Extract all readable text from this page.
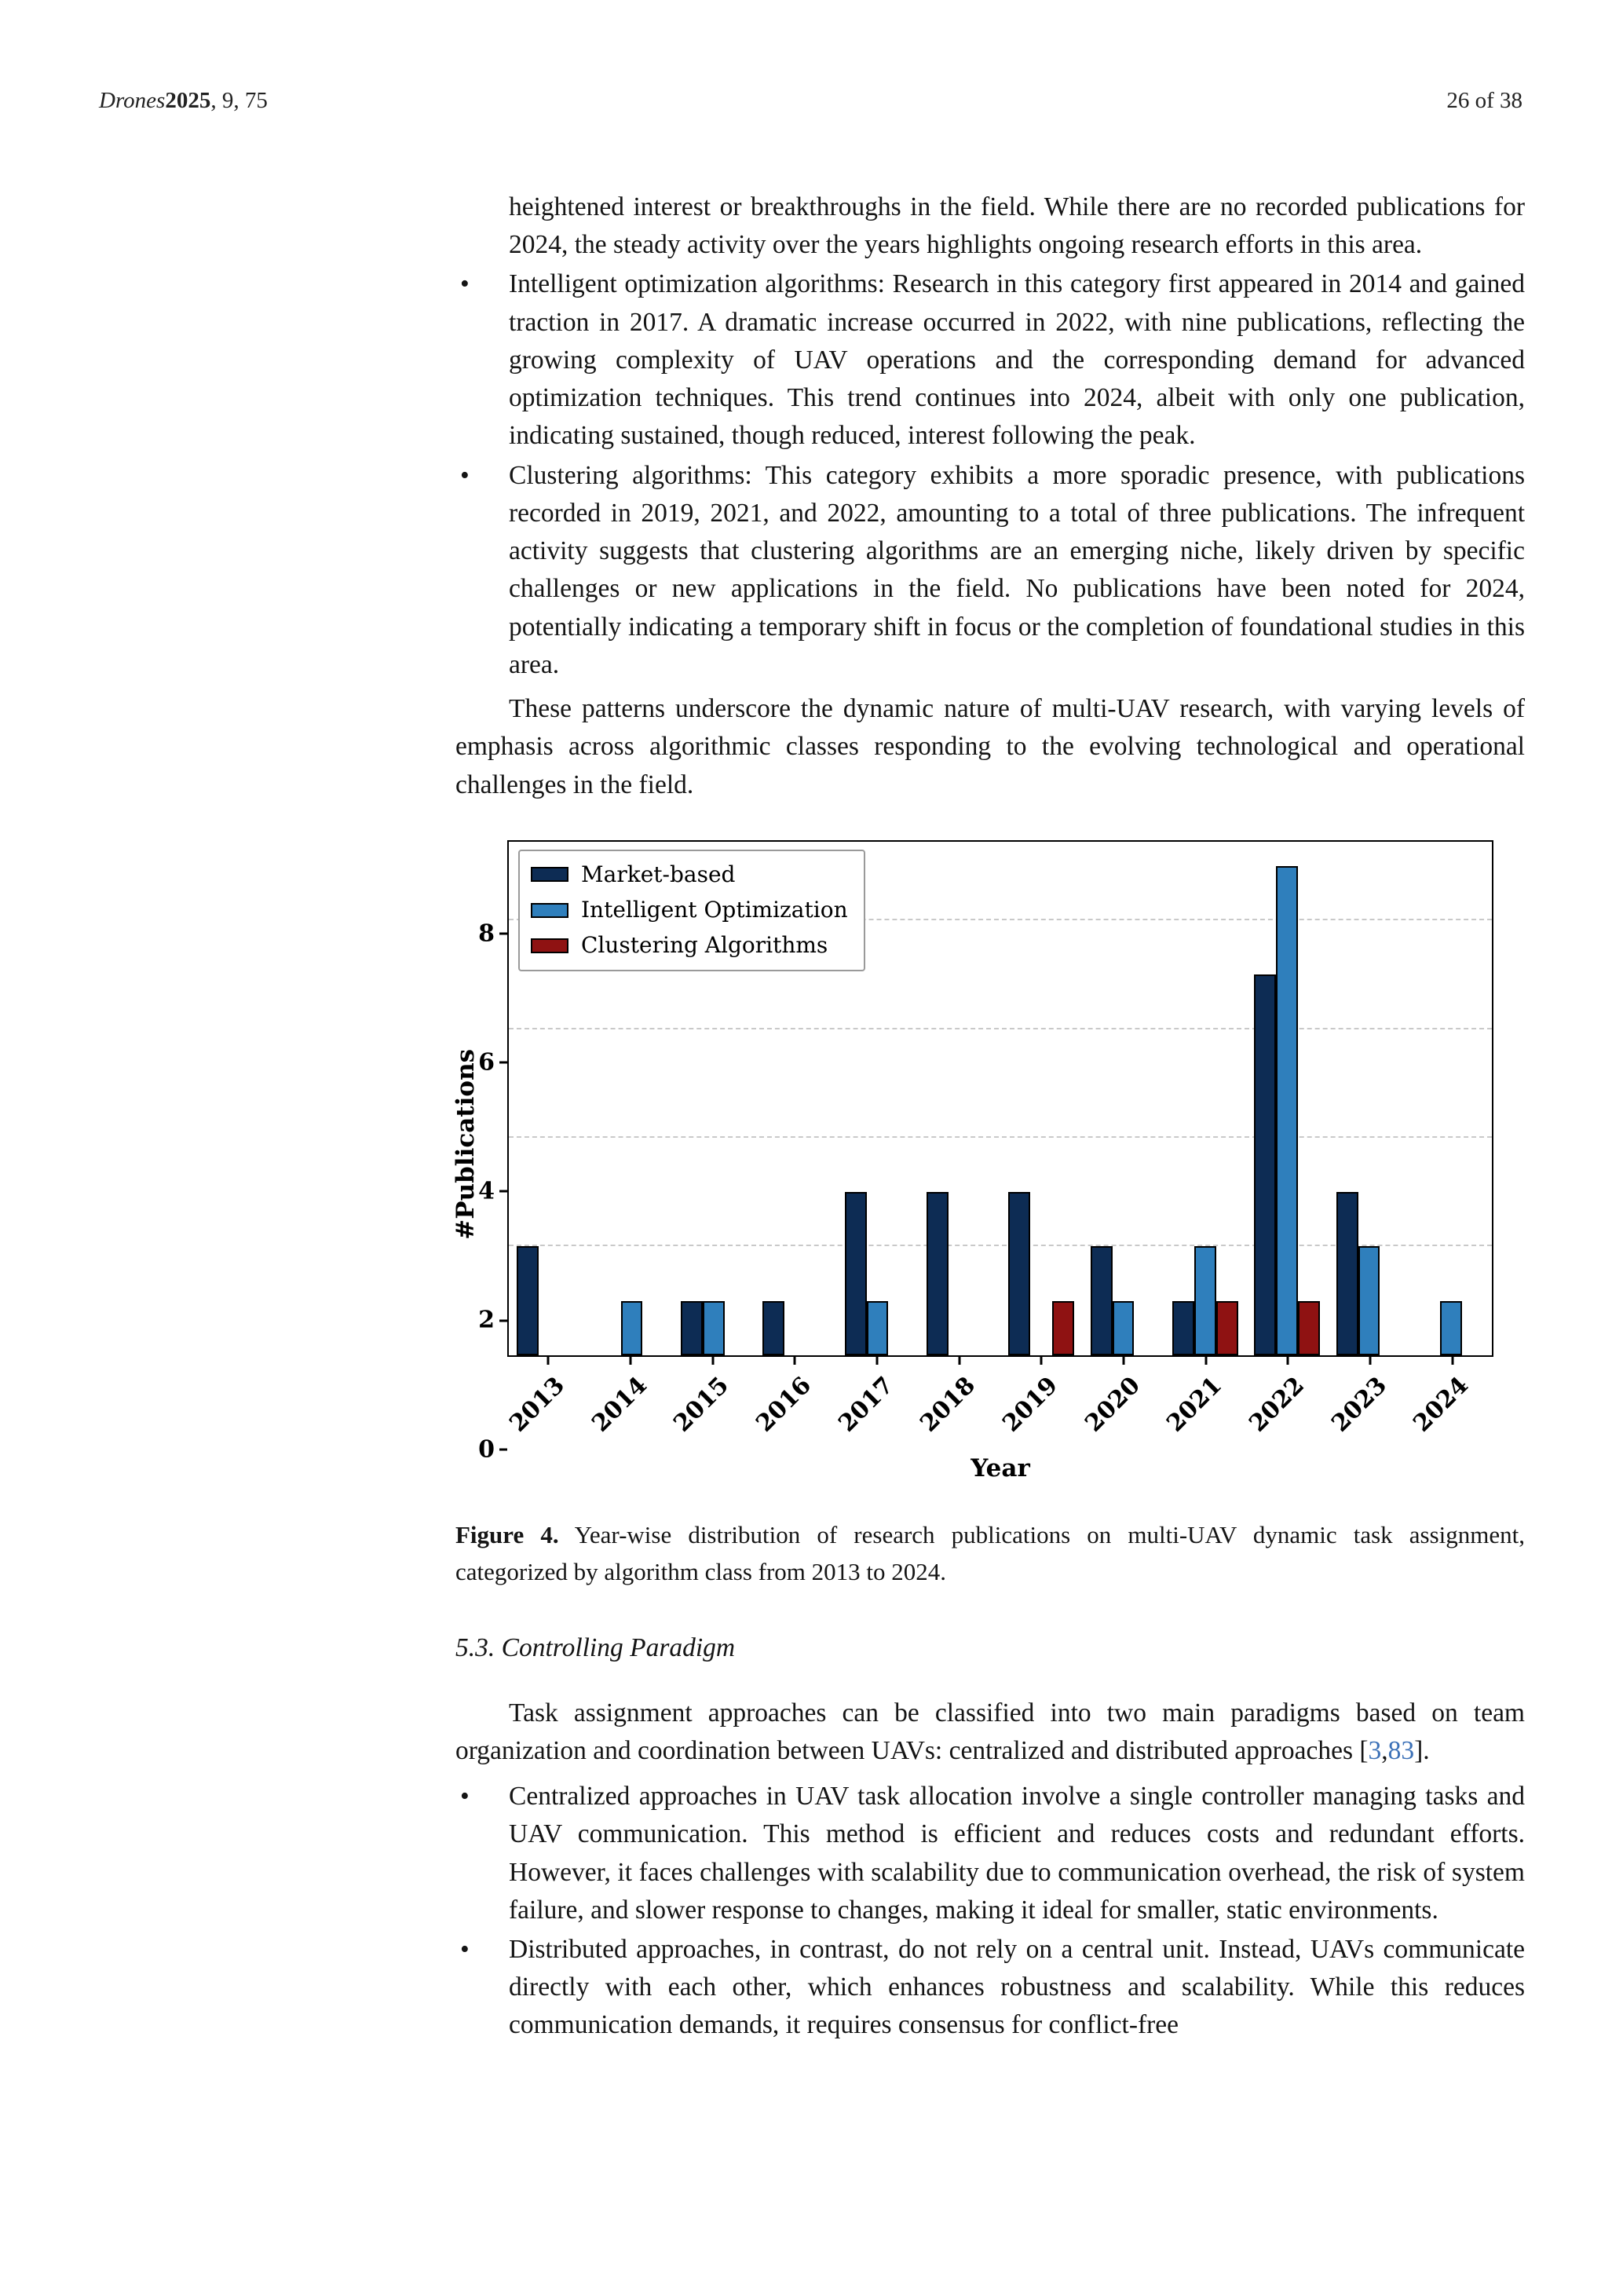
Drones2025, 9, 75	26 of 38
heightened interest or breakthroughs in the field. While there are no recorded publications for 2024, the steady activity over the years highlights ongoing research efforts in this area.
•	Intelligent optimization algorithms: Research in this category first appeared in 2014 and gained traction in 2017. A dramatic increase occurred in 2022, with nine publications, reflecting the growing complexity of UAV operations and the corresponding demand for advanced optimization techniques. This trend continues into 2024, albeit with only one publication, indicating sustained, though reduced, interest following the peak.
•	Clustering algorithms: This category exhibits a more sporadic presence, with publications recorded in 2019, 2021, and 2022, amounting to a total of three publications. The infrequent activity suggests that clustering algorithms are an emerging niche, likely driven by specific challenges or new applications in the field. No publications have been noted for 2024, potentially indicating a temporary shift in focus or the completion of foundational studies in this area.
These patterns underscore the dynamic nature of multi-UAV research, with varying levels of emphasis across algorithmic classes responding to the evolving technological and operational challenges in the field.
#Publications
0
2
4
6
8
Market-based
Intelligent Optimization
Clustering Algorithms
2013 2014 2015 2016 2017 2018 2019 2020 2021 2022 2023 2024
Year
Figure 4. Year-wise distribution of research publications on multi-UAV dynamic task assignment, categorized by algorithm class from 2013 to 2024.
5.3. Controlling Paradigm
Task assignment approaches can be classified into two main paradigms based on team organization and coordination between UAVs: centralized and distributed approaches [3,83].
•	Centralized approaches in UAV task allocation involve a single controller managing tasks and UAV communication. This method is efficient and reduces costs and redundant efforts. However, it faces challenges with scalability due to communication overhead, the risk of system failure, and slower response to changes, making it ideal for smaller, static environments.
•	Distributed approaches, in contrast, do not rely on a central unit. Instead, UAVs communicate directly with each other, which enhances robustness and scalability. While this reduces communication demands, it requires consensus for conflict-free
